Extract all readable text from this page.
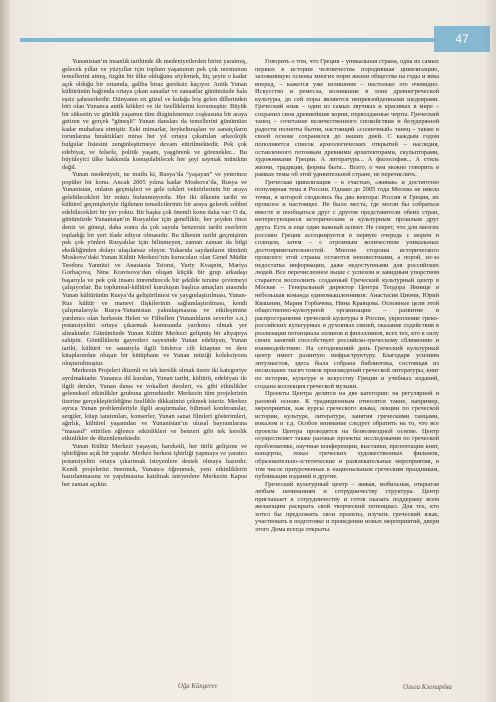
47

Yunanistan’ın insanlık tarihinde ilk medeniyetlerden birini yaratmış, gelecek yıllar ve yüzyıllar için toplum yaşamının pek çok normunun temellerini atmış, özgün bir ülke olduğunu söylemek, hiç şeyin o kadar açık olduğu bir ortamda, galiba biraz gereksiz kaçıyor. Antik Yunan kültürünün bağrında ortaya çıkan sanatlar ve zanaatlar günümüzde hala eşsiz şaheserlerdir. Dünyanın en güzel ve kıdağa hoş gelen dillerinden biri olan Yunanca antik kökleri ve ile özelliklerini korumuştur. Büyük bir süksetin ve günlük yaşamın tüm dizginlenemez coşkusuna bir araya getiren ve gerçek “güneşli” Yunan dansları da temellerini günümüze kadar muhafaza etmiştir. Eski mimarlar, heykeltıraşları ve sanatçıların torunlarına bıraktıkları miras her yıl ortaya çıkartılan arkeolojik bulgular listesini zenginleştirmeye devam ettirilmektedir. Pek çok edebiyat, ve felsefe, politik yaşam, yaşgörenk ve görenekler... Bu büyüleyici ülke hakkında konuşulabilecek her şeyi saymak mümkün değil.

Yunan medeniyeti, ne mutlu ki, Rusya’da “yaşayan” ve yeterince popüler bir konu. Ancak 2005 yılına kadar Moskova’da, Rusya ve Yunanistan, onların geçmişleri ve gele cekleri vektörlerinin bir araya gelebilecekleri bir noktu bulunmuyordu. Her iki ülkenin tarihi ve kültürel geçmişleriyle ilgilenen temsilcilerinin bir araya gelerek sohbet edebilecekleri bir yer yoktu. Bir başka çok önemli konu daha var: O da, günümüzde Yunanistan’ın Rusyalılar için genellikle, her şeyden önce deniz ve güneşi, daha sonra da çok sayıda benzersiz tarihi eserlerin topladığı bir yeri ifade ediyor olmasıdır. Bu ülkenin tarihi geçmişinin pek çok yönleri Rusyalılar için bilinmeyen, zaman zaman da bilgi eksikliğinden dolayı ulaşılamaz oluyor. Yukarıda saydanların tümünü Moskova’daki Yunan Kültür Merkezi’nin kurucuları olan Genel Müdür Teodora Yannitsi ve Anastasia Tsiomi, Yuriy Kvaşnin, Mariya Gorbaçova, Nina Kravtsova’dan oluşan küçük bir grup arkadaşı başarıyla ve pek çok insanı imrendirecek bir şekilde tersine çevirmeyi çalışıyorlar. Bu toplumsal-kültürel kuruluşun başlıca amaçları arasında Yunan kültürünün Rusya’da geliştirilmesi ve yaygınlaştırılması, Yunan-Rus kültür ve manevi ilişkilerinin sağlamlaştırılması, kendi çalışmalarıyla Rusya-Yunanistan yakınlaşmasına ve etkileşimine yardımcı olan herkesin Helen ve Filhellen (Yunanlıların severler s.n.) potansiyelini ortaya çıkarmak konusunda yardımcı olmak yer almaktadır. Günümüzde Yunan Kültür Merkezi gelişmiş bir altyapıya sahiptir. Gönüllülerin gayretleri sayesinde Yunan edebiyatı, Yunan tarihi, kültürü ve sanatıyla ilgili binlerce cilt kitaptan ve ders kitaplarından oluşan bir kütüphane ve Yunan müziği koleksiyonu oluşturulmuştur.

Merkezin Projeleri düzenli ve tek kerelik olmak üzere iki kategoriye ayrılmaktadır. Yunanca dil kursları, Yunan tarihi, kültürü, edebiyatı ile ilgili dersler, Yunan dansı ve vokalleri dersleri, vs. gibi etkinlikler geleneksel etkinlikler grubuna girmektedir. Merkezin tüm projelerinin üzerine gerçekleştirildiğine özellikle dikkatinizi çekmek isteriz. Merkez ayrıca Yunan problemleriyle ilgili araştırmalar, bilimsel konferanslar, sergiler, kitap tanıtımları, konserler, Yunan sanat filmleri gösterimleri, ağırlık, kültürel yaşamdan ve Yunanistan’ın ulusal bayramlarına “masasıl” ettirilen eğlence etkinlikleri ve benzeri gibi tek kerelik etkinlikler de düzenlemektedir.

Yunan Kültür Merkezi yaşayan, hareketli, her türlü gelişime ve işbirliğine açık bir yapıdır. Merkez herkesi işbirliği yapmaya ve yaratıcı potansiyelini ortaya çıkartmak isteyenlere destek olmaya hazırdır. Kendi projelerini önermek, Yunanca öğrenmek, yeni etkinliklerin hazırlanmasına ve yapılmasına katılmak isteyenlere Merkezin Kapısı her zaman açıktır.

Говорить о том, что Греция – уникальная страна, одна из самых первых в истории человечества породившая цивилизацию, заложившую основы многих норм жизни общества на годы и века вперед, – кажется уже излишним – настолько это очевидно. Искусство и ремесла, возникшие в лоне древнегреческой культуры, до сей поры являются непревзойденными шедеврами. Греческий язык – один из самых звучных и красивых в мире – сохранил свои древнейшие корни, первозданные черты. Греческий танец – сочетание величественного спокойствия и безудержной радости полноты бытия, настоящий «солнечный» танец – также в своей основе сохранился до наших дней. С каждым годом пополняется список археологических открытий – наследия, оставленного потомкам древними архитекторами, скульпторами, художниками Греции. А литература... А философия... А стиль жизни, традиции, формы быта... Всего, о чем можно говорить в рамках темы об этой удивительной стране, не перечислить.

Греческая цивилизация – к счастью, «живая» и достаточно популярная тема в России. Однако до 2005 года Москва не имела точки, в которой сходились бы два вектора: Россия и Греция, их прошлое и настоящее. Не было места, где могли бы собраться вместе и пообщаться друг с другом представители обеих стран, интересующиеся историческим и культурным прошлым друг друга. Есть и еще один важный аспект. Не секрет, что для многих россиян Греция ассоциируется в первую очередь с морем и солнцем, затем – с огромным количеством уникальных достопримечательностей. Многие стороны исторического прошлого этой страны остаются неизвестными, а порой, из-за недостатка информации, даже недоступными для российских людей. Все перечисленное выше с успехом и завидным упорством старается восполнить созданный Греческий культурный центр в Москве – Генеральный директор Центра Теодора Яннице и небольшая команда единомышленников: Анастасия Циоми, Юрий Квашнин, Мария Горбачева, Нина Кравцова. Основные цели этой общественно-культурной организации – развитие и распространение греческой культуры в России, укрепление греко-российских культурных и духовных связей, оказание содействия в реализации потенциала эллинов и филэллинов, всех тех, кто в силу своих занятий способствует российско-греческому сближению и взаимодействию. На сегодняшний день Греческий культурный центр имеет развитую инфраструктуру. Благодаря усилиям энтузиастов, здесь была собрана библиотека, состоящая из нескольких тысяч томов произведений греческой литературы, книг по истории, культуре и искусству Греции и учебных изданий, создана коллекция греческой музыки.

Проекты Центра делятся на две категории: на регулярной и разовой основе. К традиционным относятся такие, например, мероприятия, как курсы греческого языка, лекции по греческой истории, культуре, литературе, занятия греческими танцами, вокалом и т.д. Особое внимание следует обратить на то, что все проекты Центра проводятся на безвозмездной основе. Центр осуществляет также разовые проекты: исследования по греческой проблематике, научные конференции, выставки, презентации книг, концерты, показ греческих художественных фильмов, образовательно-эстетические и развлекательные мероприятия, в том числе приуроченные к национальным греческим праздникам, публикации изданий и другие.

Греческий культурный центр – живая, мобильная, открытая любым начинаниям и сотрудничеству структура. Центр приглашает к сотрудничеству и готов оказать поддержку всем желающим раскрыть свой творческий потенциал. Для тех, кто хотел бы предложить свои проекты, изучать греческий язык, участвовать в подготовке и проведении новых мероприятий, двери этого Дома всегда открыты.

Oğa Küngerev	Ольга Клепарёва
